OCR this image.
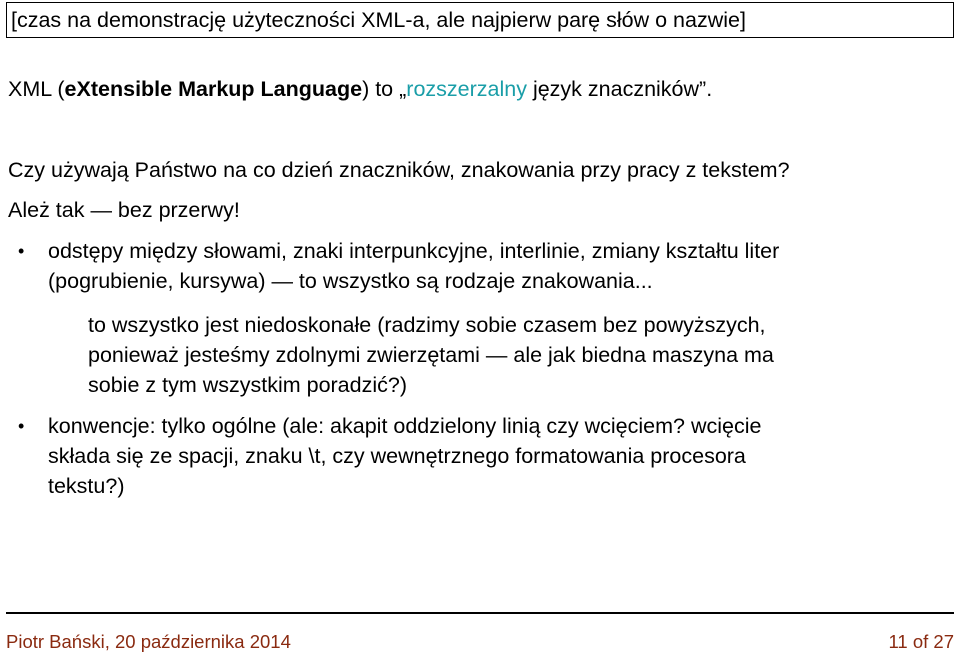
[czas na demonstrację użyteczności XML-a, ale najpierw parę słów o nazwie]
XML (eXtensible Markup Language) to „rozszerzalny język znaczników”.
Czy używają Państwo na co dzień znaczników, znakowania przy pracy z tekstem?
Ależ tak — bez przerwy!
• odstępy między słowami, znaki interpunkcyjne, interlinie, zmiany kształtu liter
(pogrubienie, kursywa) — to wszystko są rodzaje znakowania...
to wszystko jest niedoskonałe (radzimy sobie czasem bez powyższych,
ponieważ jesteśmy zdolnymi zwierzętami — ale jak biedna maszyna ma
sobie z tym wszystkim poradzić?)
• konwencje: tylko ogólne (ale: akapit oddzielony linią czy wcięciem? wcięcie
składa się ze spacji, znaku \t, czy wewnętrznego formatowania procesora
tekstu?)
Piotr Bański, 20 października 2014	11 of 27
